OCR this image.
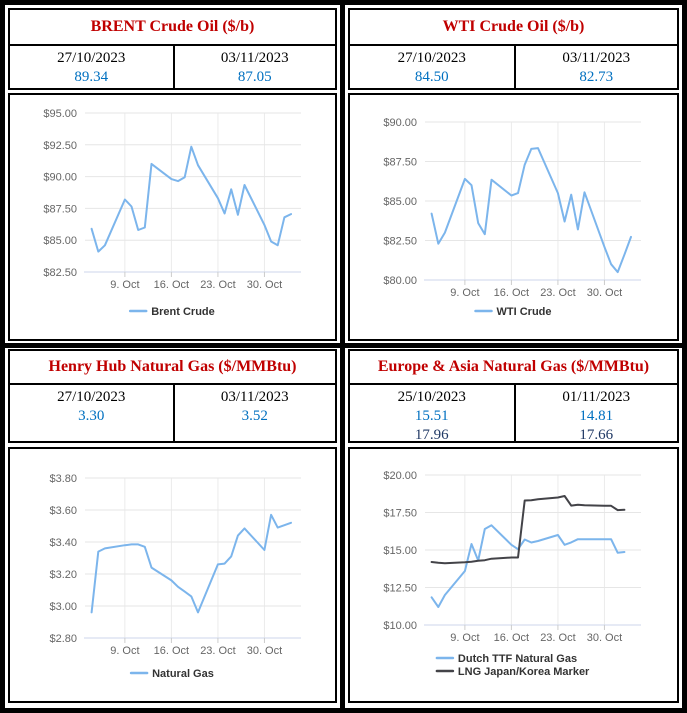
BRENT Crude Oil ($/b)
27/10/2023
89.34
03/11/2023
87.05
$82.50
$85.00
$87.50
$90.00
$92.50
$95.00
9. Oct 16. Oct 23. Oct 30. Oct
Brent Crude
WTI Crude Oil ($/b)
27/10/2023
84.50
03/11/2023
82.73
$80.00
$82.50
$85.00
$87.50
$90.00
9. Oct 16. Oct 23. Oct 30. Oct
WTI Crude
Henry Hub Natural Gas ($/MMBtu)
27/10/2023
3.30
03/11/2023
3.52
$2.80
$3.00
$3.20
$3.40
$3.60
$3.80
9. Oct 16. Oct 23. Oct 30. Oct
Natural Gas
Europe & Asia Natural Gas ($/MMBtu)
25/10/2023
15.51
17.96
01/11/2023
14.81
17.66
$10.00
$12.50
$15.00
$17.50
$20.00
9. Oct 16. Oct 23. Oct 30. Oct
Dutch TTF Natural Gas
LNG Japan/Korea Marker
